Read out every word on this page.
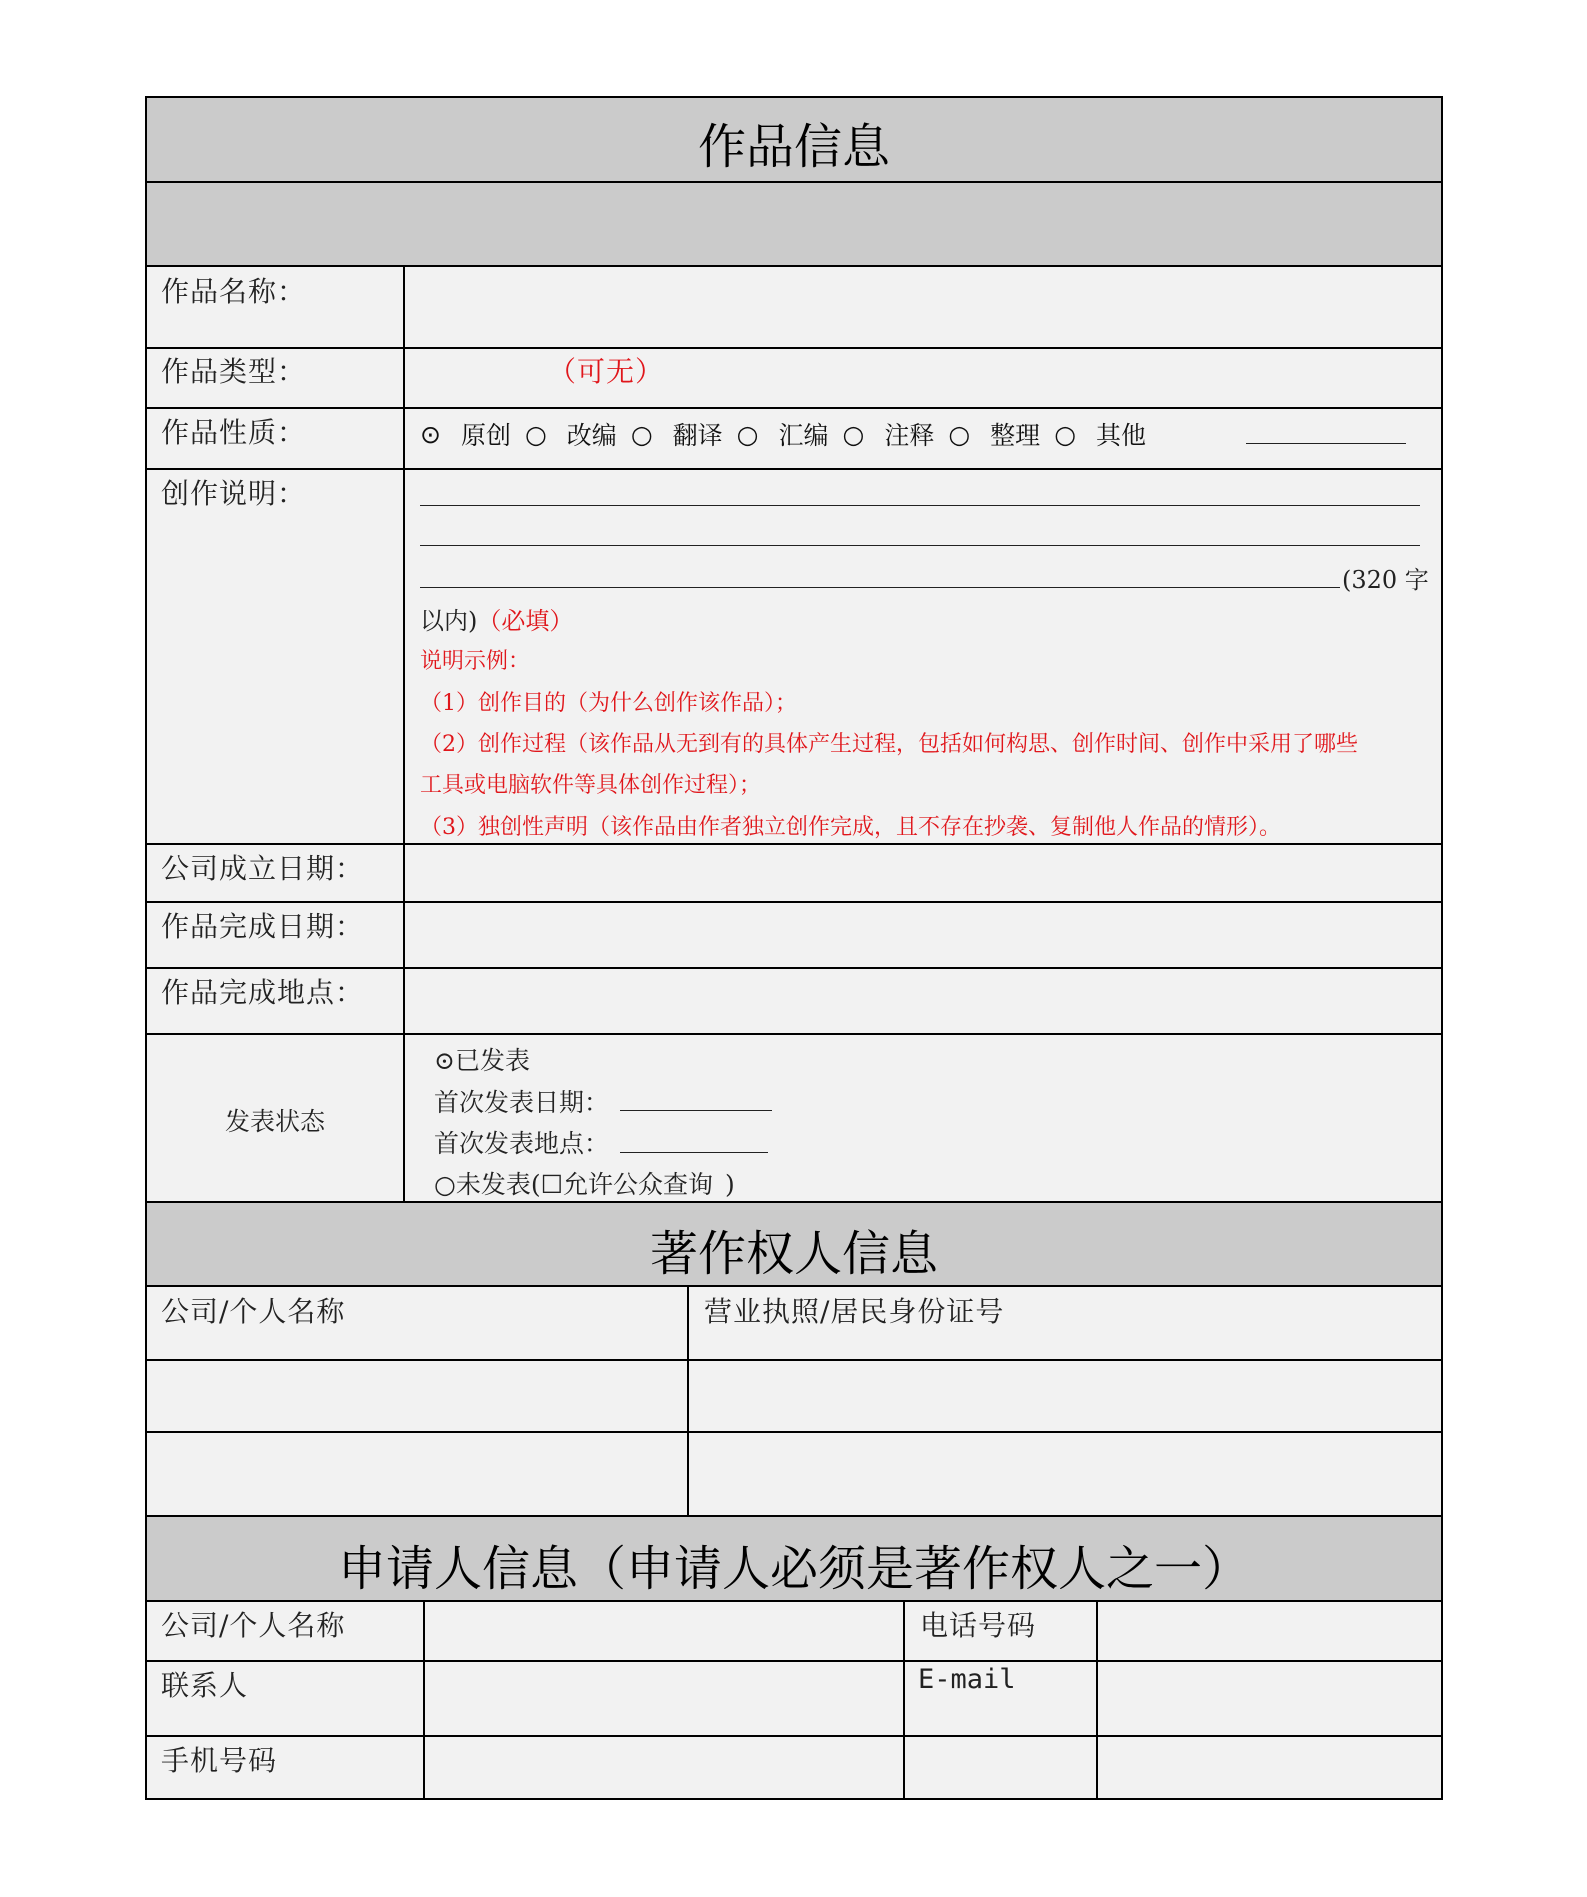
作品信息
作品名称：
作品类型：	（可无）
作品性质：	⊙ 原创 ○ 改编 ○ 翻译 ○ 汇编 ○ 注释 ○ 整理 ○ 其他
创作说明：
(320 字
以内)（必填）
说明示例：
（1）创作目的（为什么创作该作品）；
（2）创作过程（该作品从无到有的具体产生过程，包括如何构思、创作时间、创作中采用了哪些
工具或电脑软件等具体创作过程）；
（3）独创性声明（该作品由作者独立创作完成，且不存在抄袭、复制他人作品的情形）。
公司成立日期：
作品完成日期：
作品完成地点：
发表状态
⊙已发表
首次发表日期：
首次发表地点：
○未发表(☐允许公众查询 )
著作权人信息
公司/个人名称	营业执照/居民身份证号
申请人信息（申请人必须是著作权人之一）
公司/个人名称	电话号码
联系人	E-mail
手机号码
